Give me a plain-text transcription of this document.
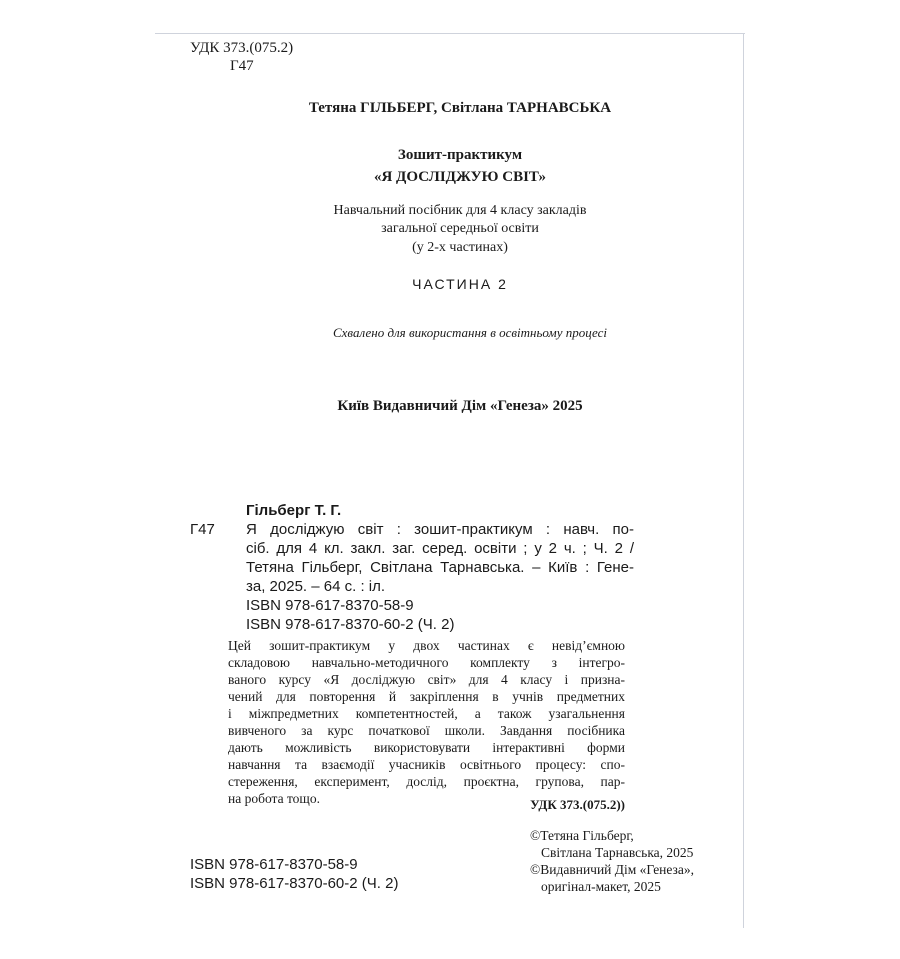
УДК 373.(075.2)
Г47
Тетяна ГІЛЬБЕРГ, Світлана ТАРНАВСЬКА
Зошит-практикум
«Я ДОСЛІДЖУЮ СВІТ»
Навчальний посібник для 4 класу закладів
загальної середньої освіти
(у 2-х частинах)
ЧАСТИНА 2
Схвалено для використання в освітньому процесі
Київ Видавничий Дім «Генеза» 2025
Гільберг Т. Г.
Г47 Я досліджую світ : зошит-практикум : навч. по-
сіб. для 4 кл. закл. заг. серед. освіти ; у 2 ч. ; Ч. 2 /
Тетяна Гільберг, Світлана Тарнавська. – Київ : Гене-
за, 2025. – 64 с. : іл.
ISBN 978-617-8370-58-9
ISBN 978-617-8370-60-2 (Ч. 2)
Цей зошит-практикум у двох частинах є невід’ємною
складовою навчально-методичного комплекту з інтегро-
ваного курсу «Я досліджую світ» для 4 класу і призна-
чений для повторення й закріплення в учнів предметних
і міжпредметних компетентностей, а також узагальнення
вивченого за курс початкової школи. Завдання посібника
дають можливість використовувати інтерактивні форми
навчання та взаємодії учасників освітнього процесу: спо-
стереження, експеримент, дослід, проєктна, групова, пар-
на робота тощо.	УДК 373.(075.2))
ISBN 978-617-8370-58-9
ISBN 978-617-8370-60-2 (Ч. 2)
©Тетяна Гільберг,
Світлана Тарнавська, 2025
©Видавничий Дім «Генеза»,
оригінал-макет, 2025
